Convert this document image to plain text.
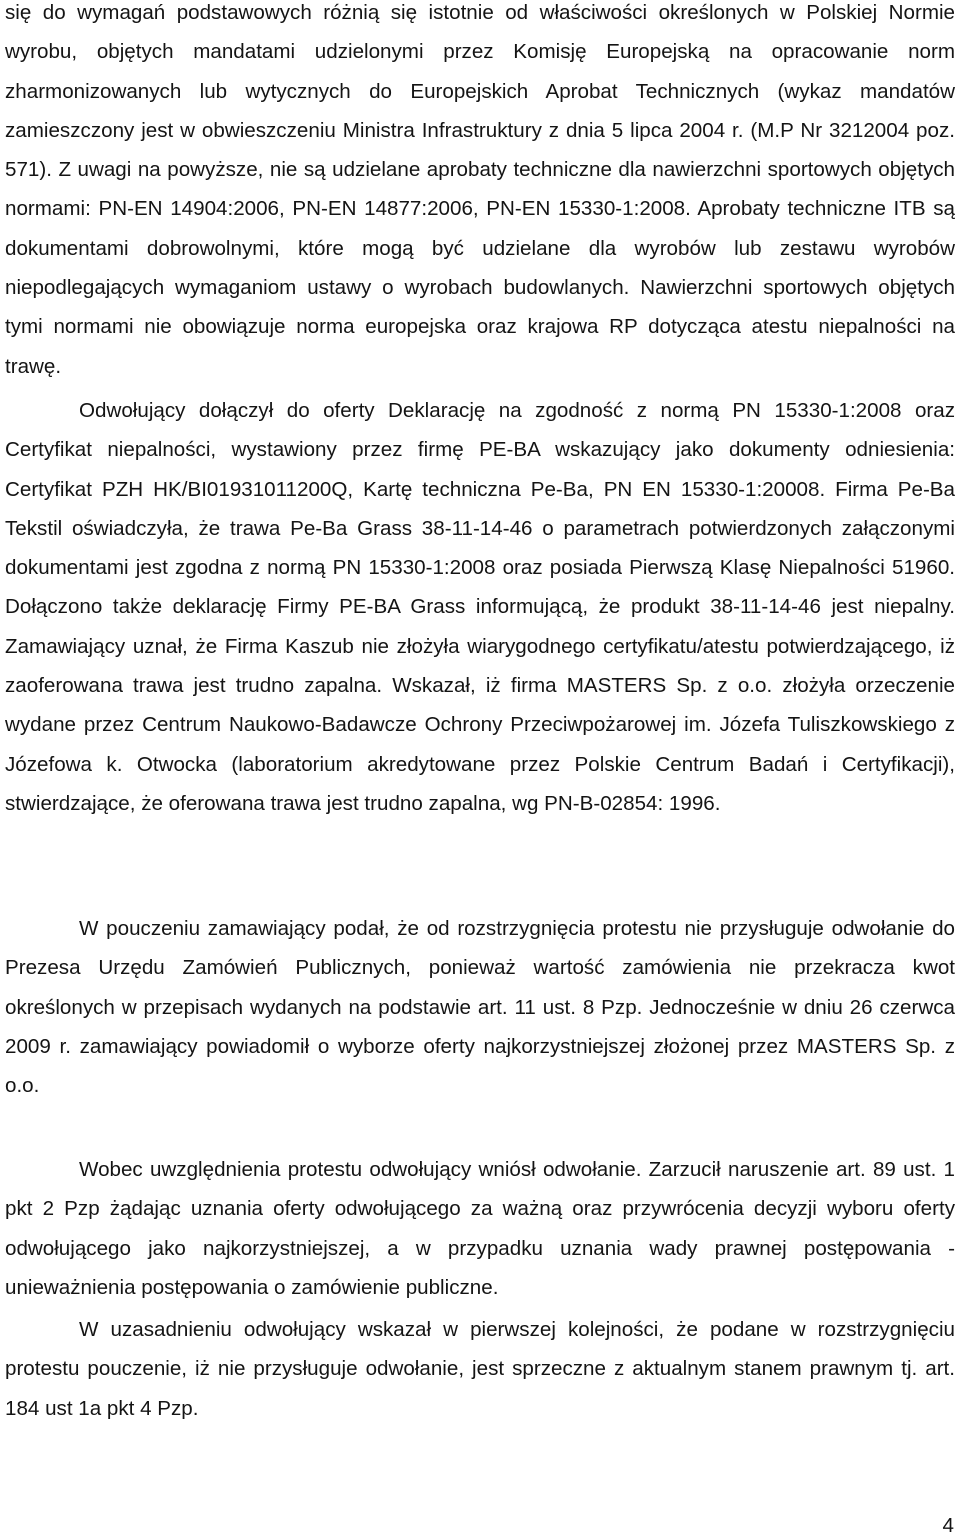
się do wymagań podstawowych różnią się istotnie od właściwości określonych w Polskiej Normie wyrobu, objętych mandatami udzielonymi przez Komisję Europejską na opracowanie norm zharmonizowanych lub wytycznych do Europejskich Aprobat Technicznych (wykaz mandatów zamieszczony jest w obwieszczeniu Ministra Infrastruktury z dnia 5 lipca 2004 r. (M.P Nr 3212004 poz. 571). Z uwagi na powyższe, nie są udzielane aprobaty techniczne dla nawierzchni sportowych objętych normami: PN-EN 14904:2006, PN-EN 14877:2006, PN-EN 15330-1:2008. Aprobaty techniczne ITB są dokumentami dobrowolnymi, które mogą być udzielane dla wyrobów lub zestawu wyrobów niepodlegających wymaganiom ustawy o wyrobach budowlanych. Nawierzchni sportowych objętych tymi normami nie obowiązuje norma europejska oraz krajowa RP dotycząca atestu niepalności na trawę.

Odwołujący dołączył do oferty Deklarację na zgodność z normą PN 15330-1:2008 oraz Certyfikat niepalności, wystawiony przez firmę PE-BA wskazujący jako dokumenty odniesienia: Certyfikat PZH HK/BI01931011200Q, Kartę techniczna Pe-Ba, PN EN 15330-1:20008. Firma Pe-Ba Tekstil oświadczyła, że trawa Pe-Ba Grass 38-11-14-46 o parametrach potwierdzonych załączonymi dokumentami jest zgodna z normą PN 15330-1:2008 oraz posiada Pierwszą Klasę Niepalności 51960. Dołączono także deklarację Firmy PE-BA Grass informującą, że produkt 38-11-14-46 jest niepalny. Zamawiający uznał, że Firma Kaszub nie złożyła wiarygodnego certyfikatu/atestu potwierdzającego, iż zaoferowana trawa jest trudno zapalna. Wskazał, iż firma MASTERS Sp. z o.o. złożyła orzeczenie wydane przez Centrum Naukowo-Badawcze Ochrony Przeciwpożarowej im. Józefa Tuliszkowskiego z Józefowa k. Otwocka (laboratorium akredytowane przez Polskie Centrum Badań i Certyfikacji), stwierdzające, że oferowana trawa jest trudno zapalna, wg PN-B-02854: 1996.

W pouczeniu zamawiający podał, że od rozstrzygnięcia protestu nie przysługuje odwołanie do Prezesa Urzędu Zamówień Publicznych, ponieważ wartość zamówienia nie przekracza kwot określonych w przepisach wydanych na podstawie art. 11 ust. 8 Pzp. Jednocześnie w dniu 26 czerwca 2009 r. zamawiający powiadomił o wyborze oferty najkorzystniejszej złożonej przez MASTERS Sp. z o.o.

Wobec uwzględnienia protestu odwołujący wniósł odwołanie. Zarzucił naruszenie art. 89 ust. 1 pkt 2 Pzp żądając uznania oferty odwołującego za ważną oraz przywrócenia decyzji wyboru oferty odwołującego jako najkorzystniejszej, a w przypadku uznania wady prawnej postępowania - unieważnienia postępowania o zamówienie publiczne.

W uzasadnieniu odwołujący wskazał w pierwszej kolejności, że podane w rozstrzygnięciu protestu pouczenie, iż nie przysługuje odwołanie, jest sprzeczne z aktualnym stanem prawnym tj. art. 184 ust 1a pkt 4 Pzp.

4
